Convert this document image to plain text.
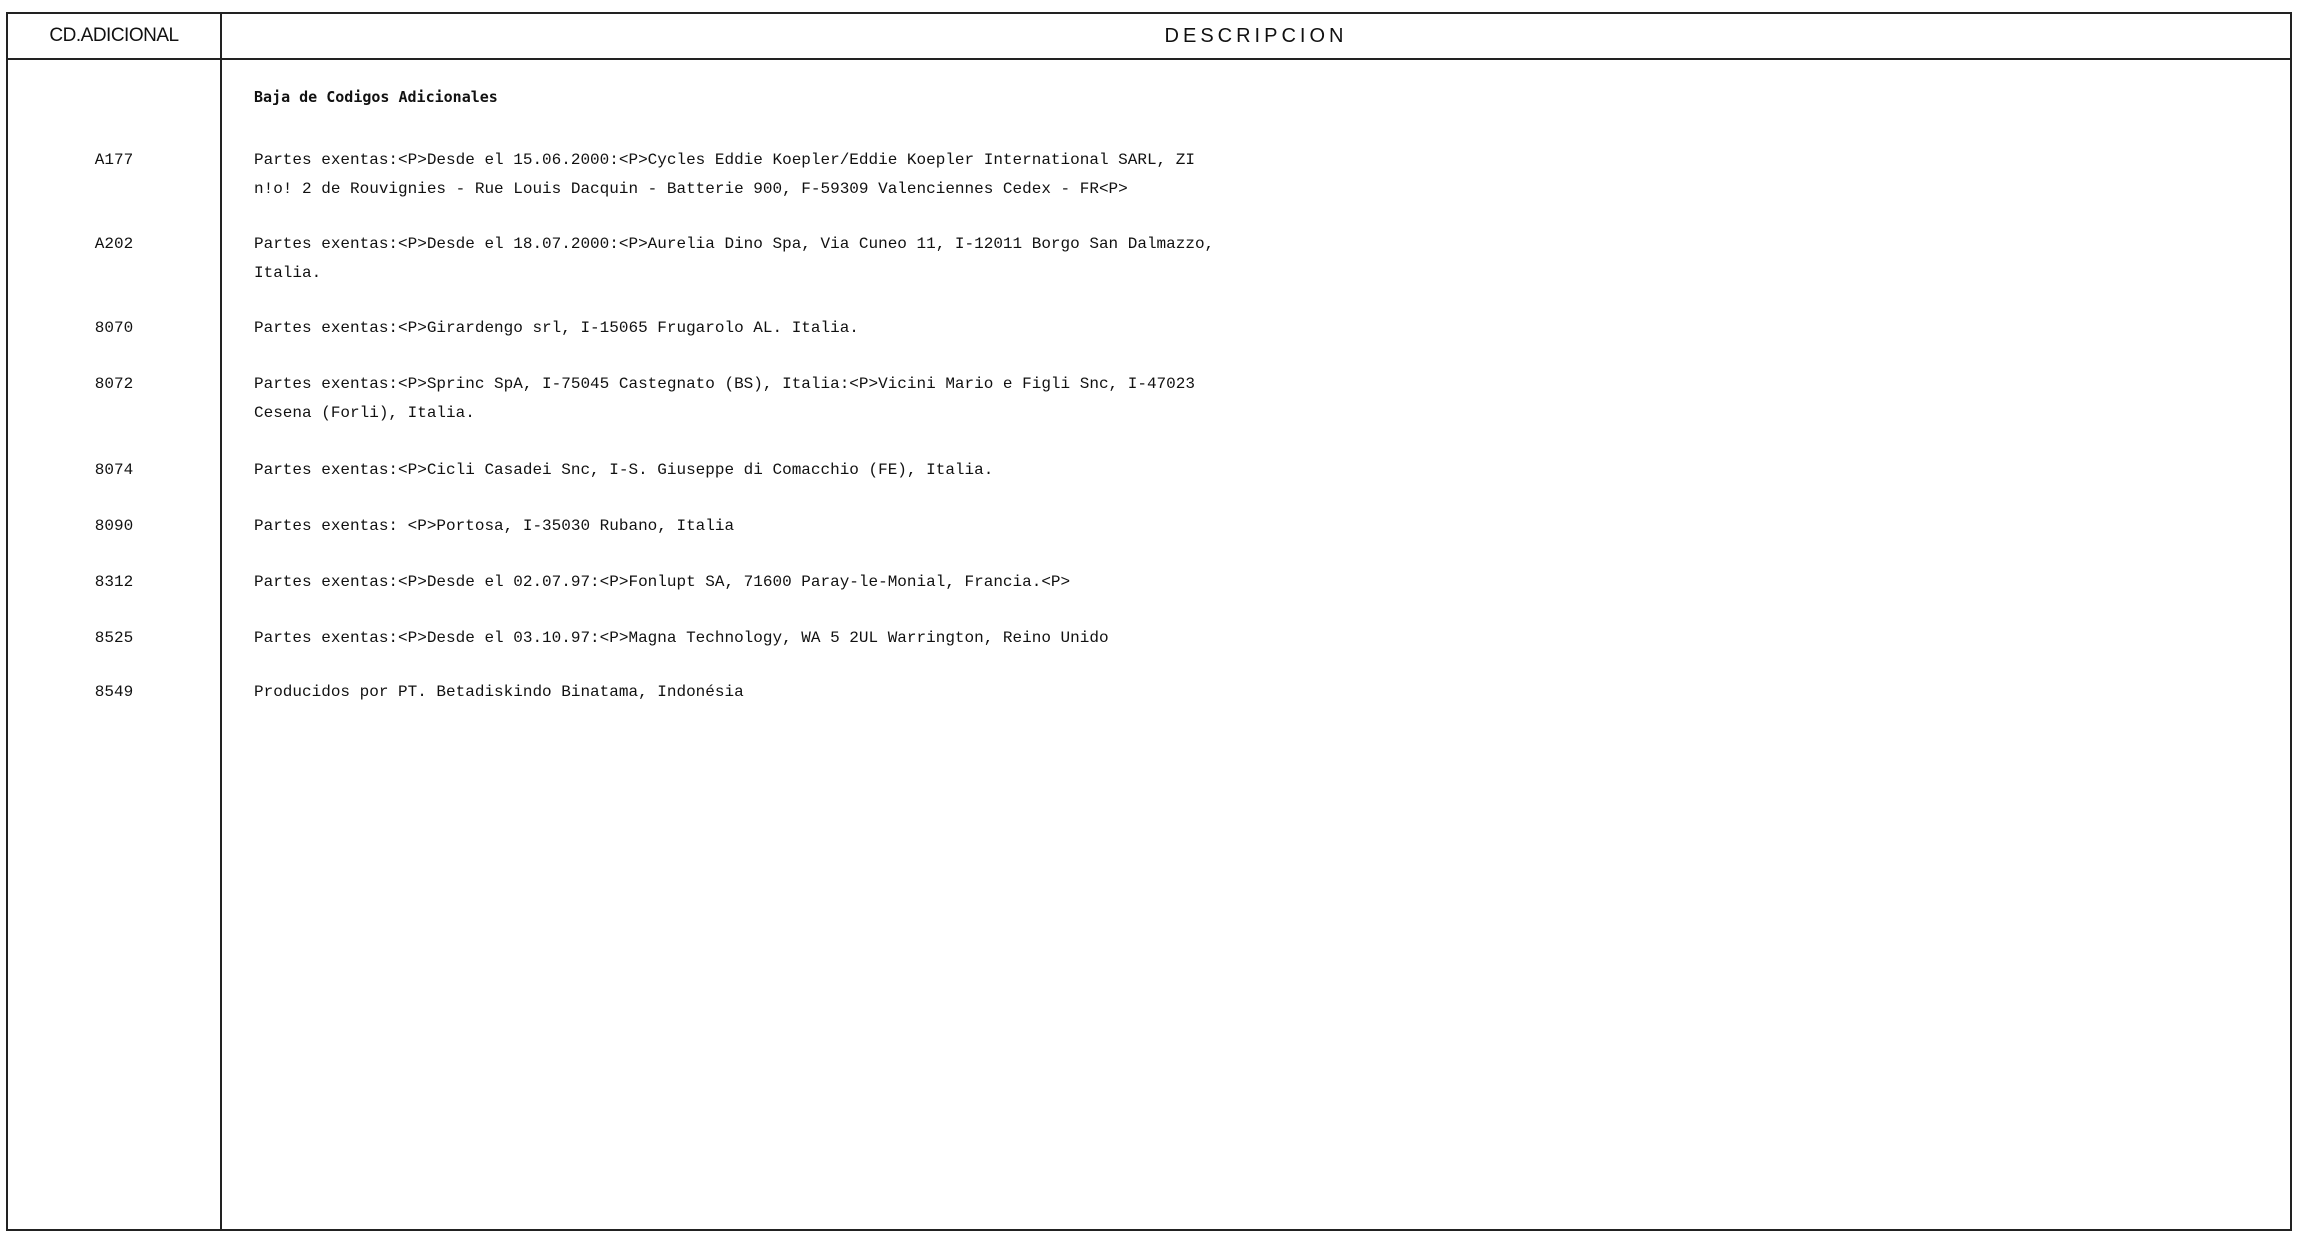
CD.ADICIONAL	DESCRIPCION
Baja de Codigos Adicionales
A177	Partes exentas:<P>Desde el 15.06.2000:<P>Cycles Eddie Koepler/Eddie Koepler International SARL, ZI
n!o! 2 de Rouvignies - Rue Louis Dacquin - Batterie 900, F-59309 Valenciennes Cedex - FR<P>
A202	Partes exentas:<P>Desde el 18.07.2000:<P>Aurelia Dino Spa, Via Cuneo 11, I-12011 Borgo San Dalmazzo,
Italia.
8070	Partes exentas:<P>Girardengo srl, I-15065 Frugarolo AL. Italia.
8072	Partes exentas:<P>Sprinc SpA, I-75045 Castegnato (BS), Italia:<P>Vicini Mario e Figli Snc, I-47023
Cesena (Forli), Italia.
8074	Partes exentas:<P>Cicli Casadei Snc, I-S. Giuseppe di Comacchio (FE), Italia.
8090	Partes exentas: <P>Portosa, I-35030 Rubano, Italia
8312	Partes exentas:<P>Desde el 02.07.97:<P>Fonlupt SA, 71600 Paray-le-Monial, Francia.<P>
8525	Partes exentas:<P>Desde el 03.10.97:<P>Magna Technology, WA 5 2UL Warrington, Reino Unido
8549	Producidos por PT. Betadiskindo Binatama, Indonésia
